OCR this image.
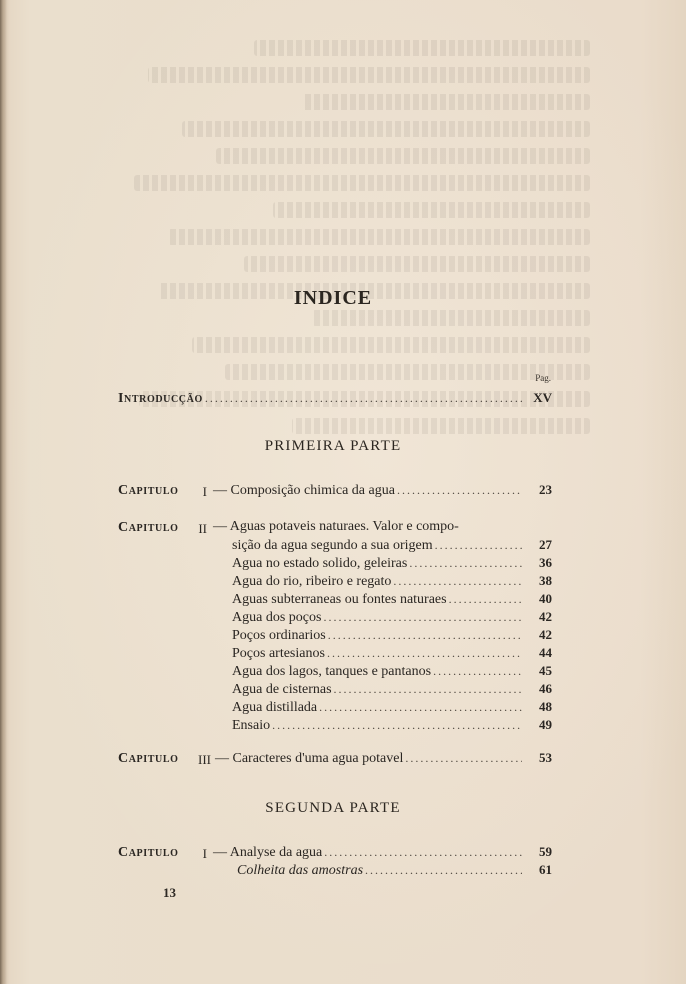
INDICE
Pag.
Introducção .....	XV
PRIMEIRA PARTE
Capitulo	I — Composição chimica da agua .....	23
Capitulo	II — Aguas potaveis naturaes. Valor e compo-
sição da agua segundo a sua origem .....	27
Agua no estado solido, geleiras .....	36
Agua do rio, ribeiro e regato .....	38
Aguas subterraneas ou fontes naturaes .....	40
Agua dos poços .....	42
Poços ordinarios .....	42
Poços artesianos .....	44
Agua dos lagos, tanques e pantanos .....	45
Agua de cisternas .....	46
Agua distillada .....	48
Ensaio .....	49
Capitulo	III — Caracteres d'uma agua potavel .....	53
SEGUNDA PARTE
Capitulo	I — Analyse da agua .....	59
Colheita das amostras .....	61
13
